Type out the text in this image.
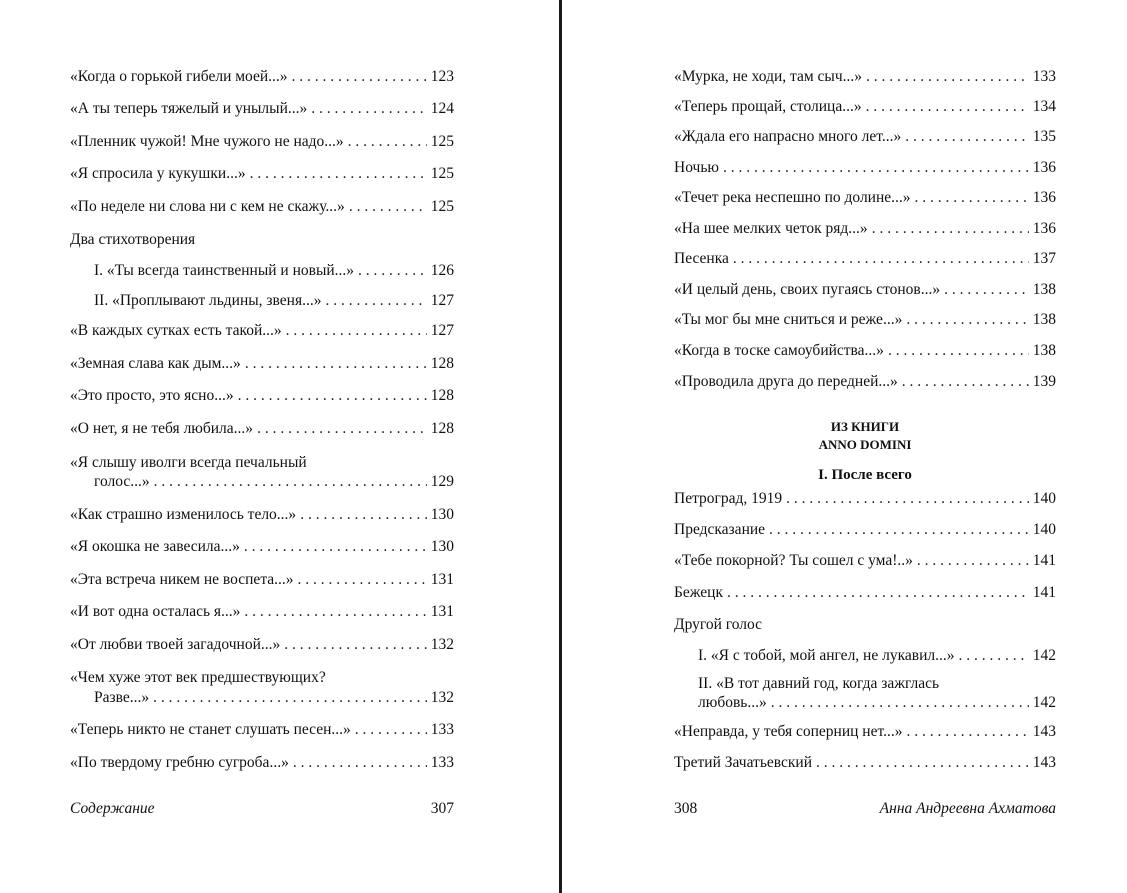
«Когда о горькой гибели моей...» . . .	123
«А ты теперь тяжелый и унылый...» . . .	124
«Пленник чужой! Мне чужого не надо...» . . .	125
«Я спросила у кукушки...» . . .	125
«По неделе ни слова ни с кем не скажу...» . . .	125
Два стихотворения
I. «Ты всегда таинственный и новый...» . . .	126
II. «Проплывают льдины, звеня...» . . .	127
«В каждых сутках есть такой...» . . .	127
«Земная слава как дым...» . . .	128
«Это просто, это ясно...» . . .	128
«О нет, я не тебя любила...» . . .	128
«Я слышу иволги всегда печальный
голос...» . . .	129
«Как страшно изменилось тело...» . . .	130
«Я окошка не завесила...» . . .	130
«Эта встреча никем не воспета...» . . .	131
«И вот одна осталась я...» . . .	131
«От любви твоей загадочной...» . . .	132
«Чем хуже этот век предшествующих?
Разве...» . . .	132
«Теперь никто не станет слушать песен...» . . .	133
«По твердому гребню сугроба...» . . .	133
Содержание	307
«Мурка, не ходи, там сыч...» . . .	133
«Теперь прощай, столица...» . . .	134
«Ждала его напрасно много лет...» . . .	135
Ночью . . .	136
«Течет река неспешно по долине...» . . .	136
«На шее мелких четок ряд...» . . .	136
Песенка . . .	137
«И целый день, своих пугаясь стонов...» . . .	138
«Ты мог бы мне сниться и реже...» . . .	138
«Когда в тоске самоубийства...» . . .	138
«Проводила друга до передней...» . . .	139
ИЗ КНИГИ
ANNO DOMINI
I. После всего
Петроград, 1919 . . .	140
Предсказание . . .	140
«Тебе покорной? Ты сошел с ума!..» . . .	141
Бежецк . . .	141
Другой голос
I. «Я с тобой, мой ангел, не лукавил...» . . .	142
II. «В тот давний год, когда зажглась
любовь...» . . .	142
«Неправда, у тебя соперниц нет...» . . .	143
Третий Зачатьевский . . .	143
308	Анна Андреевна Ахматова
